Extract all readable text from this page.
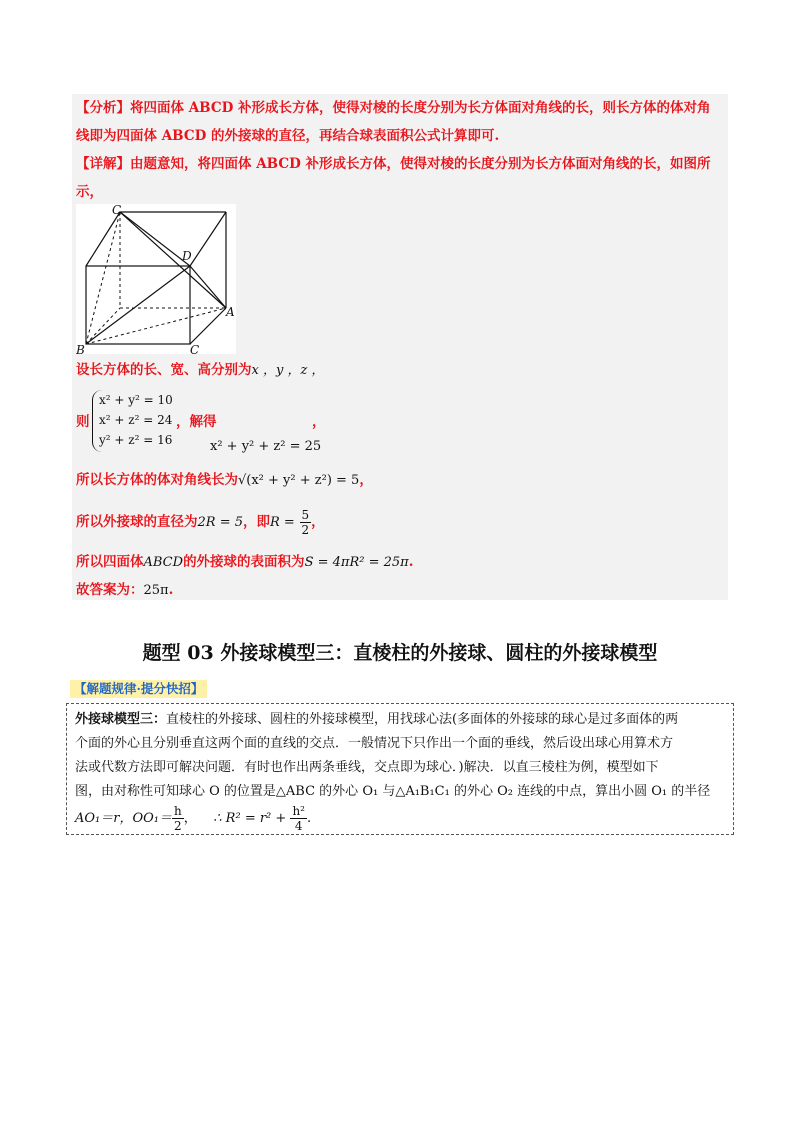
【分析】将四面体 ABCD 补形成长方体，使得对棱的长度分别为长方体面对角线的长，则长方体的体对角
线即为四面体 ABCD 的外接球的直径，再结合球表面积公式计算即可.
【详解】由题意知，将四面体 ABCD 补形成长方体，使得对棱的长度分别为长方体面对角线的长，如图所
示，
C
D
A
B	C
设长方体的长、宽、高分别为x ，y ，z ，
则
x² + y² = 10
x² + z² = 24
y² + z² = 16
，解得	，
x² + y² + z² = 25
所以长方体的体对角线长为√(x² + y² + z²) = 5，
所以外接球的直径为2R = 5，即$R = \frac{5}{2}$ ，
所以四面体ABCD的外接球的表面积为S = 4πR² = 25π.
故答案为：25π.
题型 03 外接球模型三：直棱柱的外接球、圆柱的外接球模型
【解题规律·提分快招】
外接球模型三：直棱柱的外接球、圆柱的外接球模型，用找球心法(多面体的外接球的球心是过多面体的两
个面的外心且分别垂直这两个面的直线的交点．一般情况下只作出一个面的垂线，然后设出球心用算术方
法或代数方法即可解决问题．有时也作出两条垂线，交点即为球心．)解决．以直三棱柱为例，模型如下
图，由对称性可知球心 O 的位置是△ABC 的外心 O₁ 与△A₁B₁C₁ 的外心 O₂ 连线的中点，算出小圆 O₁ 的半径
AO₁＝r，$OO_1= \frac{h}{2}$ ， ∴ $R^2 = r^2 + \frac{\text{h²}}{4}$ .
